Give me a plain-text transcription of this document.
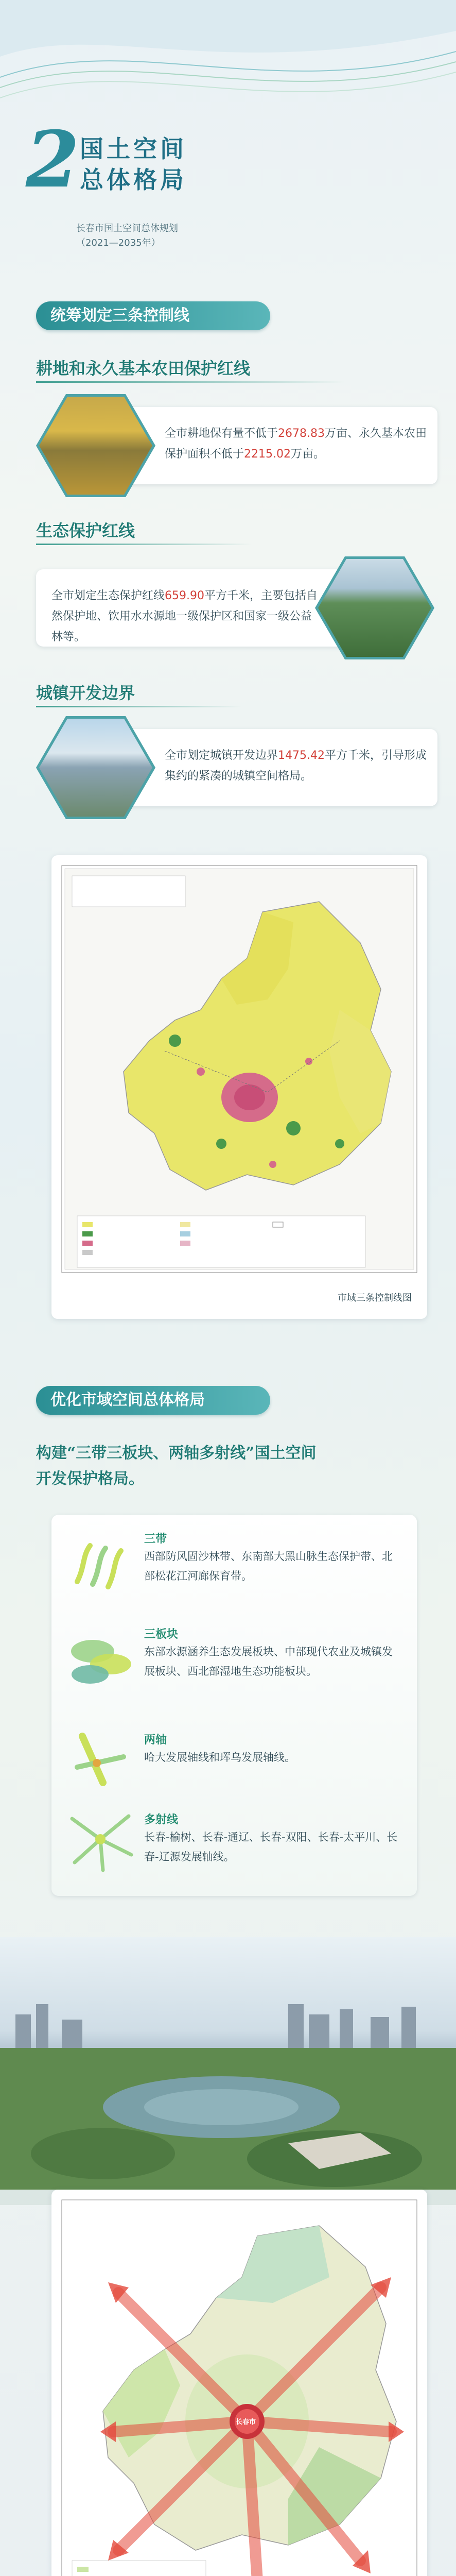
2 国土空间
总体格局
长春市国土空间总体规划
（2021—2035年）
统筹划定三条控制线
耕地和永久基本农田保护红线
全市耕地保有量不低于2678.83万亩、永久基本农田保护面积不低于2215.02万亩。
生态保护红线
全市划定生态保护红线659.90平方千米，主要包括自然保护地、饮用水水源地一级保护区和国家一级公益林等。
城镇开发边界
全市划定城镇开发边界1475.42平方千米，引导形成集约的紧凑的城镇空间格局。
市域三条控制线图
优化市域空间总体格局
构建“三带三板块、两轴多射线”国土空间
开发保护格局。
三带
西部防风固沙林带、东南部大黑山脉生态保护带、北部松花江河廊保育带。
三板块
东部水源涵养生态发展板块、中部现代农业及城镇发展板块、西北部湿地生态功能板块。
两轴
哈大发展轴线和珲乌发展轴线。
多射线
长春-榆树、长春-通辽、长春-双阳、长春-太平川、长春-辽源发展轴线。
长春市
